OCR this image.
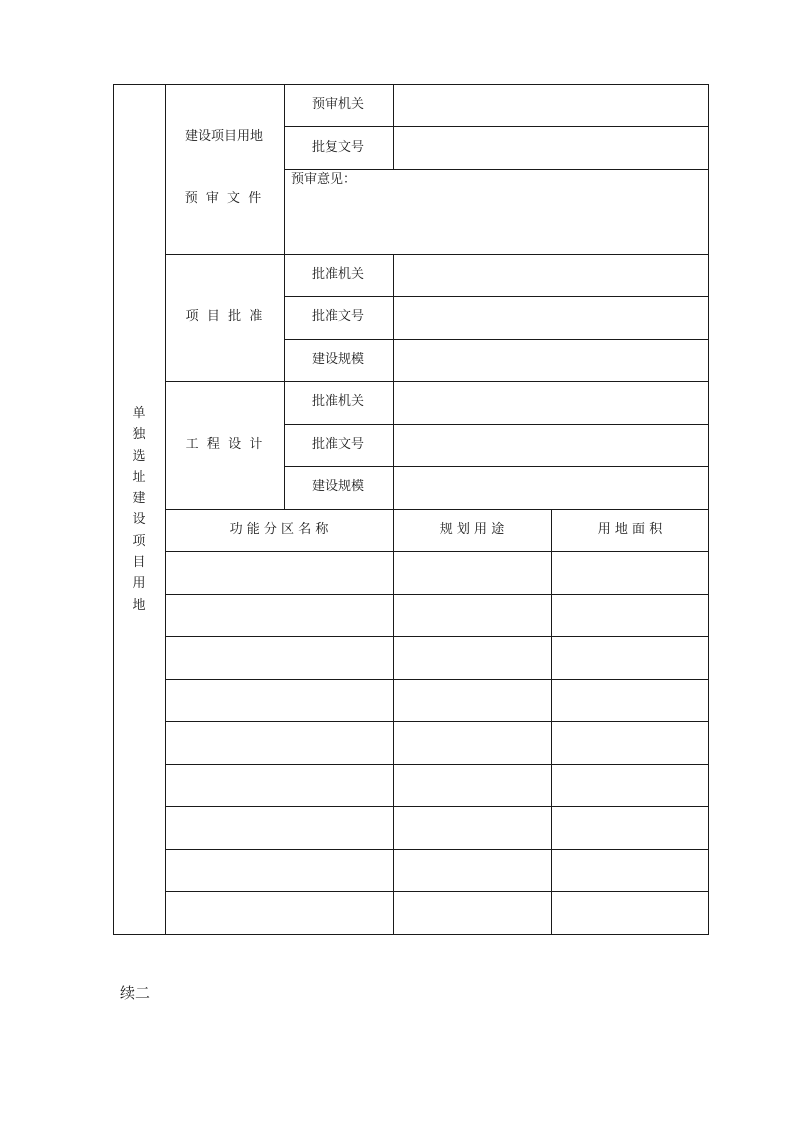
单
独
选
址
建
设
项
目
用
地
建设项目用地
预 审 文 件
预审机关
批复文号
预审意见：
项  目  批  准
批准机关
批准文号
建设规模
工  程  设  计
批准机关
批准文号
建设规模
功 能 分 区 名 称	规 划 用 途	用 地 面 积
续二
